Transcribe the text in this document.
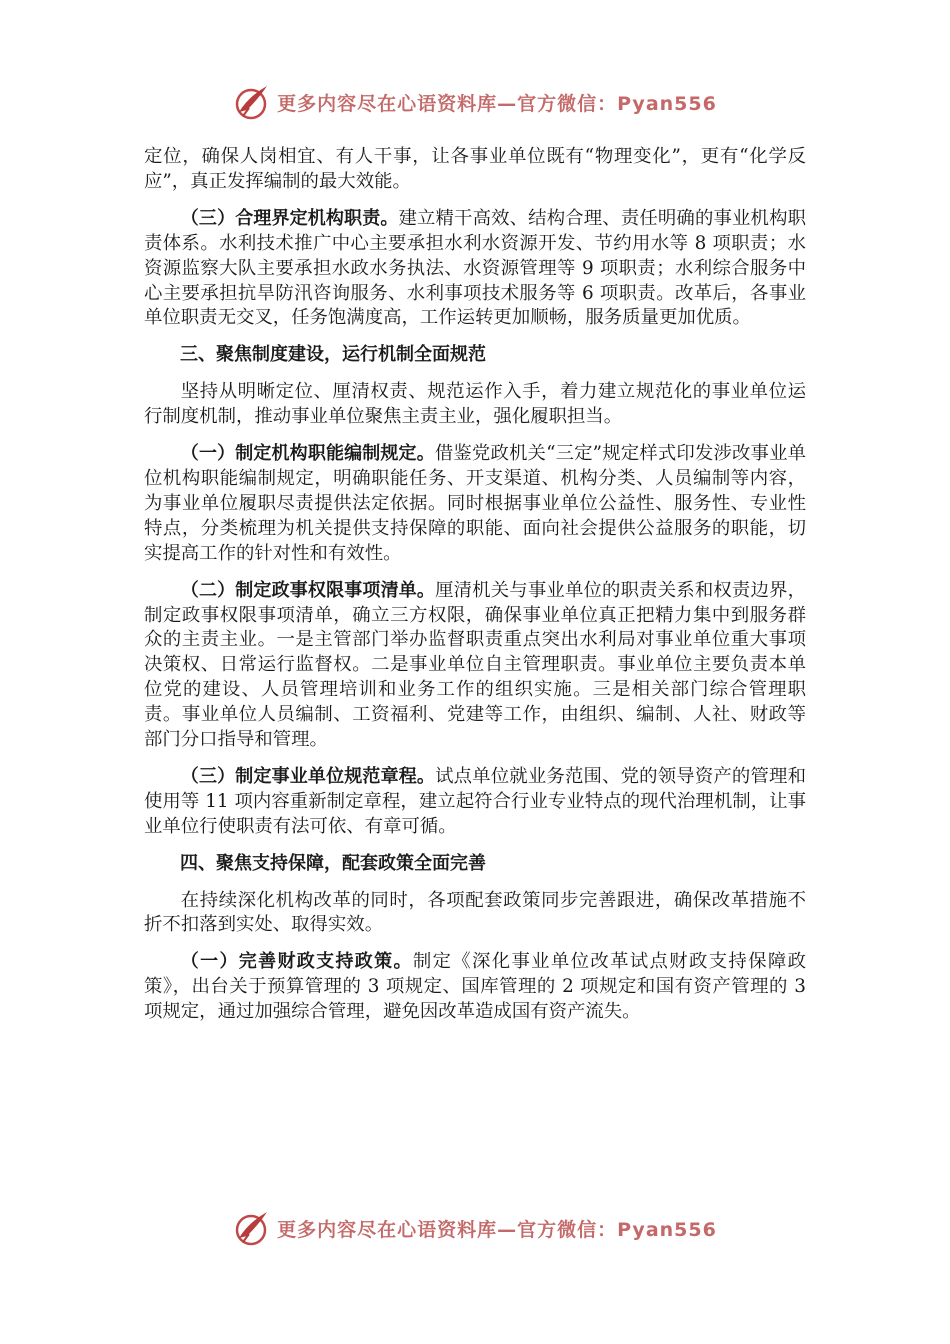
更多内容尽在心语资料库—官方微信：Pyan556

定位，确保人岗相宜、有人干事，让各事业单位既有“物理变化”，更有“化学反应”，真正发挥编制的最大效能。

（三）合理界定机构职责。建立精干高效、结构合理、责任明确的事业机构职责体系。水利技术推广中心主要承担水利水资源开发、节约用水等 8 项职责；水资源监察大队主要承担水政水务执法、水资源管理等 9 项职责；水利综合服务中心主要承担抗旱防汛咨询服务、水利事项技术服务等 6 项职责。改革后，各事业单位职责无交叉，任务饱满度高，工作运转更加顺畅，服务质量更加优质。

三、聚焦制度建设，运行机制全面规范

坚持从明晰定位、厘清权责、规范运作入手，着力建立规范化的事业单位运行制度机制，推动事业单位聚焦主责主业，强化履职担当。

（一）制定机构职能编制规定。借鉴党政机关“三定”规定样式印发涉改事业单位机构职能编制规定，明确职能任务、开支渠道、机构分类、人员编制等内容，为事业单位履职尽责提供法定依据。同时根据事业单位公益性、服务性、专业性特点，分类梳理为机关提供支持保障的职能、面向社会提供公益服务的职能，切实提高工作的针对性和有效性。

（二）制定政事权限事项清单。厘清机关与事业单位的职责关系和权责边界，制定政事权限事项清单，确立三方权限，确保事业单位真正把精力集中到服务群众的主责主业。一是主管部门举办监督职责重点突出水利局对事业单位重大事项决策权、日常运行监督权。二是事业单位自主管理职责。事业单位主要负责本单位党的建设、人员管理培训和业务工作的组织实施。三是相关部门综合管理职责。事业单位人员编制、工资福利、党建等工作，由组织、编制、人社、财政等部门分口指导和管理。

（三）制定事业单位规范章程。试点单位就业务范围、党的领导资产的管理和使用等 11 项内容重新制定章程，建立起符合行业专业特点的现代治理机制，让事业单位行使职责有法可依、有章可循。

四、聚焦支持保障，配套政策全面完善

在持续深化机构改革的同时，各项配套政策同步完善跟进，确保改革措施不折不扣落到实处、取得实效。

（一）完善财政支持政策。制定《深化事业单位改革试点财政支持保障政策》，出台关于预算管理的 3 项规定、国库管理的 2 项规定和国有资产管理的 3 项规定，通过加强综合管理，避免因改革造成国有资产流失。

更多内容尽在心语资料库—官方微信：Pyan556
